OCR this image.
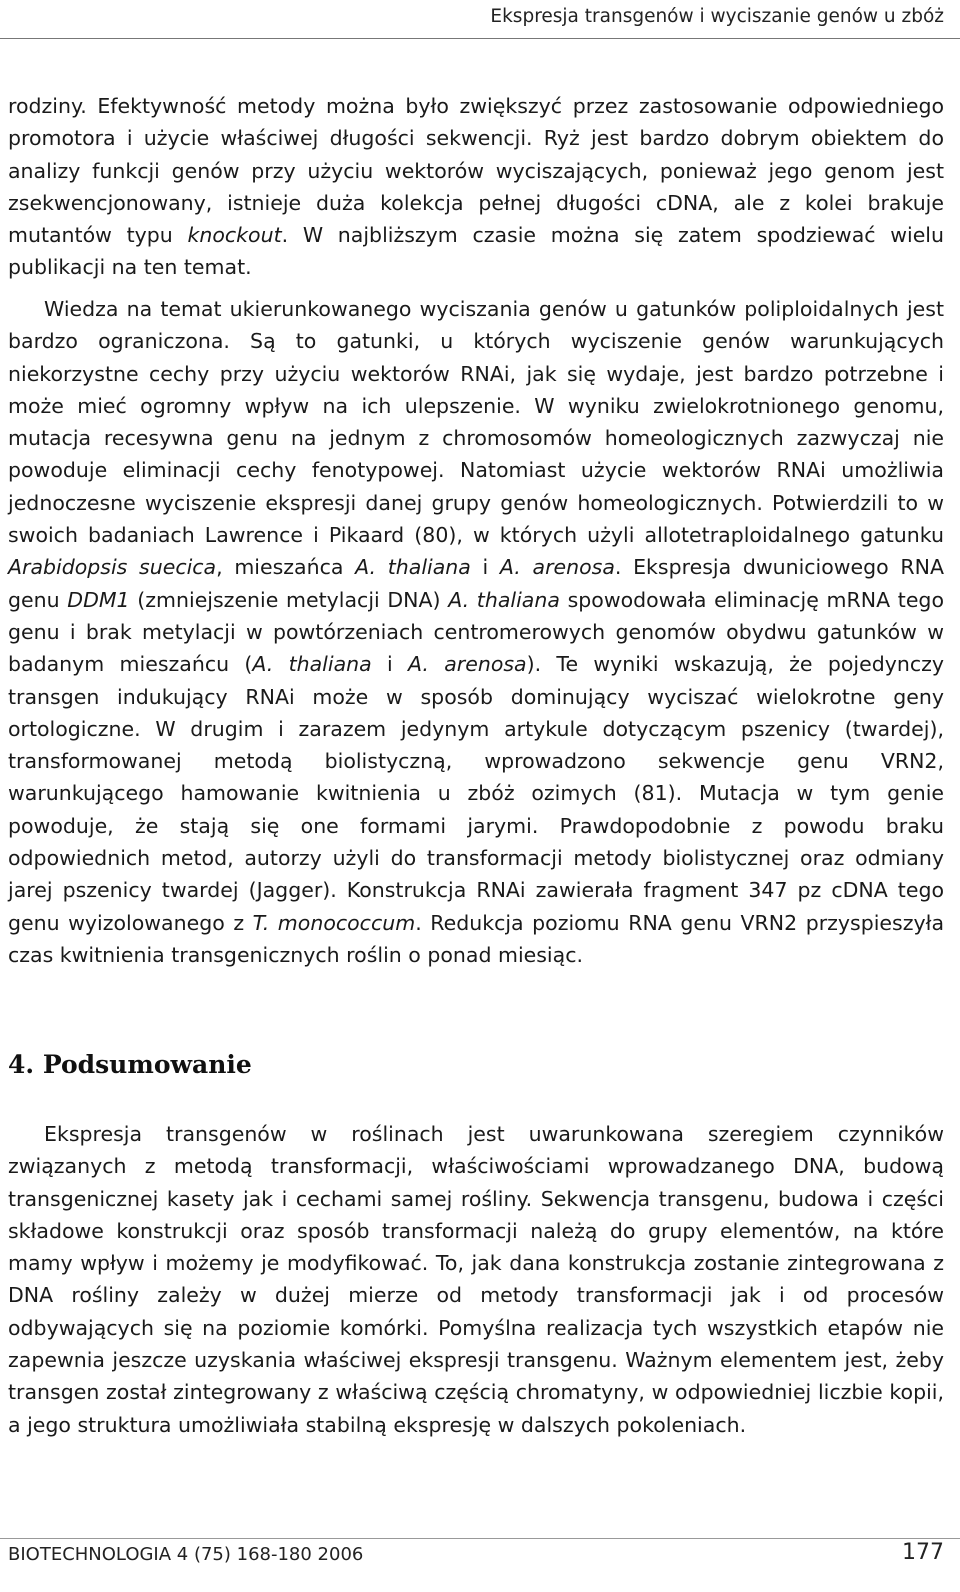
Ekspresja transgenów i wyciszanie genów u zbóż

rodziny. Efektywność metody można było zwiększyć przez zastosowanie odpowiedniego promotora i użycie właściwej długości sekwencji. Ryż jest bardzo dobrym obiektem do analizy funkcji genów przy użyciu wektorów wyciszających, ponieważ jego genom jest zsekwencjonowany, istnieje duża kolekcja pełnej długości cDNA, ale z kolei brakuje mutantów typu knockout. W najbliższym czasie można się zatem spodziewać wielu publikacji na ten temat.

Wiedza na temat ukierunkowanego wyciszania genów u gatunków poliploidalnych jest bardzo ograniczona. Są to gatunki, u których wyciszenie genów warunkujących niekorzystne cechy przy użyciu wektorów RNAi, jak się wydaje, jest bardzo potrzebne i może mieć ogromny wpływ na ich ulepszenie. W wyniku zwielokrotnionego genomu, mutacja recesywna genu na jednym z chromosomów homeologicznych zazwyczaj nie powoduje eliminacji cechy fenotypowej. Natomiast użycie wektorów RNAi umożliwia jednoczesne wyciszenie ekspresji danej grupy genów homeologicznych. Potwierdzili to w swoich badaniach Lawrence i Pikaard (80), w których użyli allotetraploidalnego gatunku Arabidopsis suecica, mieszańca A. thaliana i A. arenosa. Ekspresja dwuniciowego RNA genu DDM1 (zmniejszenie metylacji DNA) A. thaliana spowodowała eliminację mRNA tego genu i brak metylacji w powtórzeniach centromerowych genomów obydwu gatunków w badanym mieszańcu (A. thaliana i A. arenosa). Te wyniki wskazują, że pojedynczy transgen indukujący RNAi może w sposób dominujący wyciszać wielokrotne geny ortologiczne. W drugim i zarazem jedynym artykule dotyczącym pszenicy (twardej), transformowanej metodą biolistyczną, wprowadzono sekwencje genu VRN2, warunkującego hamowanie kwitnienia u zbóż ozimych (81). Mutacja w tym genie powoduje, że stają się one formami jarymi. Prawdopodobnie z powodu braku odpowiednich metod, autorzy użyli do transformacji metody biolistycznej oraz odmiany jarej pszenicy twardej (Jagger). Konstrukcja RNAi zawierała fragment 347 pz cDNA tego genu wyizolowanego z T. monococcum. Redukcja poziomu RNA genu VRN2 przyspieszyła czas kwitnienia transgenicznych roślin o ponad miesiąc.

4. Podsumowanie

Ekspresja transgenów w roślinach jest uwarunkowana szeregiem czynników związanych z metodą transformacji, właściwościami wprowadzanego DNA, budową transgenicznej kasety jak i cechami samej rośliny. Sekwencja transgenu, budowa i części składowe konstrukcji oraz sposób transformacji należą do grupy elementów, na które mamy wpływ i możemy je modyfikować. To, jak dana konstrukcja zostanie zintegrowana z DNA rośliny zależy w dużej mierze od metody transformacji jak i od procesów odbywających się na poziomie komórki. Pomyślna realizacja tych wszystkich etapów nie zapewnia jeszcze uzyskania właściwej ekspresji transgenu. Ważnym elementem jest, żeby transgen został zintegrowany z właściwą częścią chromatyny, w odpowiedniej liczbie kopii, a jego struktura umożliwiała stabilną ekspresję w dalszych pokoleniach.

BIOTECHNOLOGIA 4 (75) 168-180 2006	177
